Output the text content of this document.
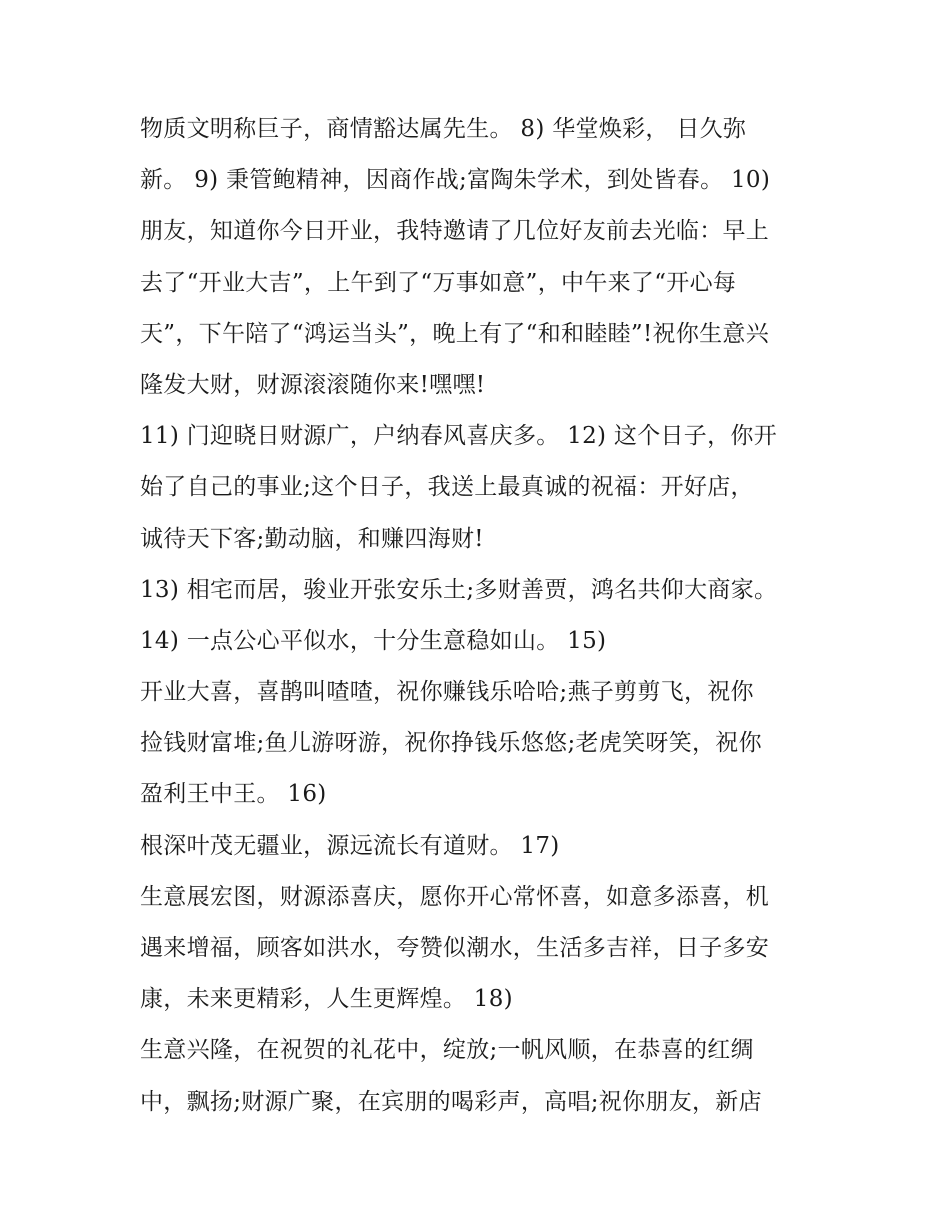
物质文明称巨子，商情豁达属先生。 8) 华堂焕彩， 日久弥
新。 9) 秉管鲍精神，因商作战;富陶朱学术，到处皆春。 10)
朋友，知道你今日开业，我特邀请了几位好友前去光临：早上
去了“开业大吉”，上午到了“万事如意”，中午来了“开心每
天”，下午陪了“鸿运当头”，晚上有了“和和睦睦”!祝你生意兴
隆发大财，财源滚滚随你来!嘿嘿!
11) 门迎晓日财源广，户纳春风喜庆多。 12) 这个日子，你开
始了自己的事业;这个日子，我送上最真诚的祝福：开好店，
诚待天下客;勤动脑，和赚四海财!
13) 相宅而居，骏业开张安乐土;多财善贾，鸿名共仰大商家。
14) 一点公心平似水，十分生意稳如山。 15)
开业大喜，喜鹊叫喳喳，祝你赚钱乐哈哈;燕子剪剪飞，祝你
捡钱财富堆;鱼儿游呀游，祝你挣钱乐悠悠;老虎笑呀笑，祝你
盈利王中王。 16)
根深叶茂无疆业，源远流长有道财。 17)
生意展宏图，财源添喜庆，愿你开心常怀喜，如意多添喜，机
遇来增福，顾客如洪水，夸赞似潮水，生活多吉祥，日子多安
康，未来更精彩，人生更辉煌。 18)
生意兴隆，在祝贺的礼花中，绽放;一帆风顺，在恭喜的红绸
中，飘扬;财源广聚，在宾朋的喝彩声，高唱;祝你朋友，新店
